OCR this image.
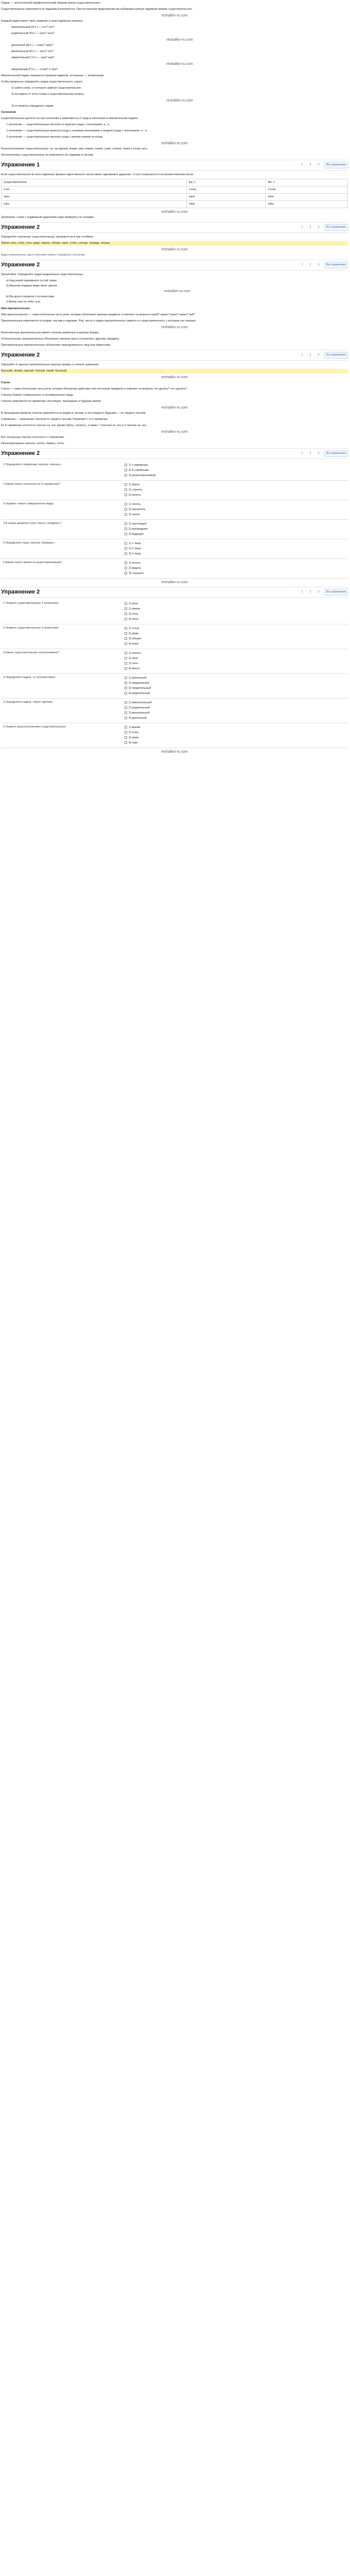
Падеж — непостоянный морфологический признак имени существительного.

Существительные изменяются по падежам (склоняются). При построении предложения мы выбираем нужную падежную форму существительного.

reshalkin-ru.com

Каждый падеж имеет своё название и свои падежные вопросы:

именительный (И.п.) — кто? что?

родительный (Р.п.) — кого? чего?

reshalkin-ru.com

дательный (Д.п.) — кому? чему?

винительный (В.п.) — кого? что?

творительный (Т.п.) — кем? чем?

reshalkin-ru.com

предложный (П.п.) — о ком? о чём?

Именительный падеж называется прямым падежом, остальные — косвенными.

Чтобы правильно определить падеж существительного, нужно:

1) найти слово, от которого зависит существительное;

2) поставить от этого слова к существительному вопрос;

reshalkin-ru.com

3) по вопросу определить падеж.

Склонение

Существительные делятся на три склонения в зависимости от рода и окончания в именительном падеже.

1 склонение — существительные женского и мужского рода с окончанием -а, -я.

2 склонение — существительные мужского рода с нулевым окончанием и среднего рода с окончанием -о, -е.

3 склонение — существительные женского рода с мягким знаком на конце.

reshalkin-ru.com

Разносклоняемые существительные: на -мя (время, знамя, имя, пламя, племя, семя, стремя, темя) и слово путь.

Несклоняемые существительные не изменяются по падежам и числам.

Упражнение 1	1	2	3	Все упражнения

Если существительное во всех падежных формах единственного числа имеет одинаковое ударение, то оно сохраняется и во множественном числе.

Существительное	Ед. ч.	Мн. ч.
стол	стола́	столы́
окно	окна́	о́кна
гора	горы́	го́ры
reshalkin-ru.com

Запомните: слова с подвижным ударением надо проверять по словарю.

Упражнение 2	1	2	3	Все упражнения

Определите склонение существительных, выпишите их в три столбика.

Земля, конь, поле, ночь, дядя, сирень, облако, папа, степь, солнце, тетрадь, юноша.

reshalkin-ru.com

Будьте внимательны: род и окончание помогут определить склонение.

Упражнение 2	1	2	3	Все упражнения

Прочитайте. Определите падеж выделенных существительных.

а) Над рекой поднимался густой туман.
б) Мальчик подарил маме букет цветов.
reshalkin-ru.com
в) Мы долго говорили о путешествии.
г) Ветер гнал по небу тучи.

Имя прилагательное

Имя прилагательное — самостоятельная часть речи, которая обозначает признак предмета и отвечает на вопросы какой? какая? какое? какие? чей?

Прилагательные изменяются по родам, числам и падежам. Род, число и падеж прилагательного зависят от существительного, с которым оно связано.

reshalkin-ru.com

Качественные прилагательные имеют степени сравнения и краткую форму.

Относительные прилагательные обозначают признак через отношение к другому предмету.

Притяжательные прилагательные обозначают принадлежность лицу или животному.

Упражнение 2	1	2	3	Все упражнения

Образуйте от данных прилагательных краткую форму и степени сравнения.

Высокий, лёгкий, смелый, тёплый, тихий, быстрый.

reshalkin-ru.com

Глагол

Глагол — самостоятельная часть речи, которая обозначает действие или состояние предмета и отвечает на вопросы что делать? что сделать?

Глаголы бывают совершенного и несовершенного вида.

Глаголы изменяются по временам: настоящее, прошедшее и будущее время.

reshalkin-ru.com

В прошедшем времени глаголы изменяются по родам и числам, в настоящем и будущем — по лицам и числам.

Спряжение — изменение глаголов по лицам и числам. Различают I и II спряжение.

Ко II спряжению относятся глаголы на -ить (кроме брить, стелить), а также 7 глаголов на -еть и 4 глагола на -ать.

reshalkin-ru.com

Все остальные глаголы относятся к I спряжению.

Разноспрягаемые глаголы: хотеть, бежать, чтить.

Упражнение 2	1	2	3	Все упражнения
1 Определите спряжение глагола «писать»:	1) I спряжение
2) II спряжение
3) разноспрягаемый

2 Какой глагол относится ко II спряжению?	1) брить
2) строить
3) колоть

3 Укажите глагол совершенного вида:	1) читать
2) прочитать
3) читал

4 В каком времени стоит глагол «пойдём»?	1) настоящее
2) прошедшее
3) будущее

5 Определите лицо глагола «бежишь»:	1) 1 лицо
2) 2 лицо
3) 3 лицо

6 Какой глагол является разноспрягаемым?	1) хотеть
2) видеть
3) слышать
reshalkin-ru.com
Упражнение 2	1	2	3	Все упражнения
1 Укажите существительное 1 склонения:	1) конь
2) земля
3) ночь
4) поле

2 Укажите существительное 3 склонения:	1) степь
2) дядя
3) облако
4) папа

3 Какое существительное несклоняемое?	1) пальто
2) окно
3) село
4) место

4 Определите падеж: «о путешествии»	1) дательный
2) предложный
3) творительный
4) родительный

5 Определите падеж: «букет цветов»	1) именительный
2) родительный
3) винительный
4) дательный

6 Укажите разносклоняемое существительное:	1) время
2) поле
3) море
4) горе
reshalkin-ru.com
